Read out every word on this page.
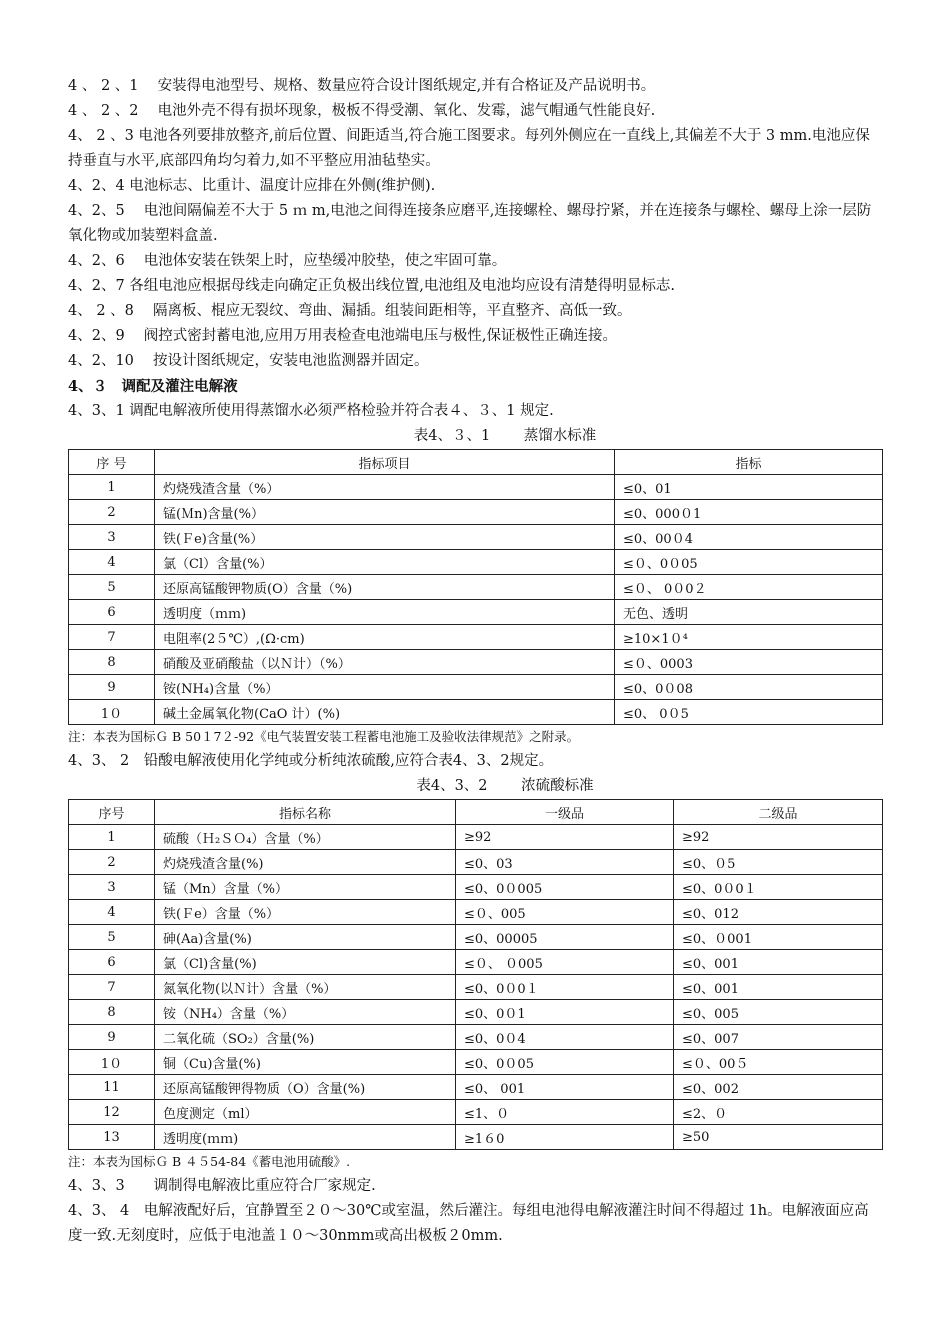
4 、 2 、1　 安装得电池型号、规格、数量应符合设计图纸规定,并有合格证及产品说明书。

4 、 2 、2　 电池外壳不得有损坏现象，极板不得受潮、氧化、发霉，滤气帽通气性能良好.

4、 2 、3 电池各列要排放整齐,前后位置、间距适当,符合施工图要求。每列外侧应在一直线上,其偏差不大于 3 mm.电池应保持垂直与水平,底部四角均匀着力,如不平整应用油毡垫实。

4、2、4 电池标志、比重计、温度计应排在外侧(维护侧).

4、2、5　 电池间隔偏差不大于 5 ｍ m,电池之间得连接条应磨平,连接螺栓、螺母拧紧，并在连接条与螺栓、螺母上涂一层防氧化物或加装塑料盒盖.

4、2、6　 电池体安装在铁架上时，应垫缓冲胶垫，使之牢固可靠。

4、2、7 各组电池应根据母线走向确定正负极出线位置,电池组及电池均应设有清楚得明显标志.

4、 2 、8　 隔离板、棍应无裂纹、弯曲、漏插。组装间距相等，平直整齐、高低一致。

4、2、9　 阀控式密封蓄电池,应用万用表检查电池端电压与极性,保证极性正确连接。

4、2、10　 按设计图纸规定，安装电池监测器并固定。

4、３　调配及灌注电解液

4、3、1 调配电解液所使用得蒸馏水必须严格检验并符合表４、３、1 规定.

表4、３、1　　 蒸馏水标准

序 号	指标项目	指标
1	灼烧残渣含量（%）	≤0、01
2	锰(Ｍn)含量(%）	≤0、000０1
3	铁(Ｆe)含量(%）	≤0、00０4
4	氯（Cl）含量(%）	≤０、0０05
5	还原高锰酸钾物质(O）含量（%)	≤０、 0０0２
6	透明度（ｍｍ)	无色、透明
7	电阻率(2５℃）,(Ω·cm)	≥10×1０⁴
8	硝酸及亚硝酸盐（以Ｎ计）（%）	≤０、0003
9	铵(NH₄)含量（%）	≤0、0０08
1０	碱土金属氧化物(CaO 计）(%)	≤0、 0０5

注：本表为国标Ｇ B 50１7２-92《电气装置安装工程蓄电池施工及验收法律规范》之附录。

4、3、 2　铅酸电解液使用化学纯或分析纯浓硫酸,应符合表4、3、2规定。

表4、3、2　　 浓硫酸标准

序号	指标名称	一级品	二级品
1	硫酸（Ｈ₂ＳＯ₄）含量（%）	≥92	≥92
2	灼烧残渣含量(%)	≤0、03	≤0、０5
3	锰（Mn）含量（%）	≤0、0０005	≤0、0０0１
4	铁(Ｆe）含量（%）	≤０、005	≤0、012
5	砷(Aa)含量(%)	≤0、00005	≤0、０001
6	氯（Cl)含量(%)	≤０、 ０005	≤0、001
7	氮氧化物(以Ｎ计）含量（%）	≤0、0０0１	≤0、001
8	铵（NH₄）含量（%）	≤0、0０1	≤0、005
9	二氧化硫（SO₂）含量(%)	≤0、0０4	≤0、007
1０	铜（Cu)含量(%)	≤0、0０05	≤０、00５
11	还原高锰酸钾得物质（O）含量(%)	≤0、 001	≤0、002
12	色度测定（ml）	≤1、０	≤2、０
13	透明度(ｍｍ)	≥1６0	≥50

注：本表为国标Ｇ B ４５54-84《蓄电池用硫酸》.

4、3、3　　调制得电解液比重应符合厂家规定.

4、3、 4　电解液配好后，宜静置至２０～30℃或室温，然后灌注。每组电池得电解液灌注时间不得超过 1h。电解液面应高度一致.无刻度时，应低于电池盖１０～30nmm或高出极板２0mm.
